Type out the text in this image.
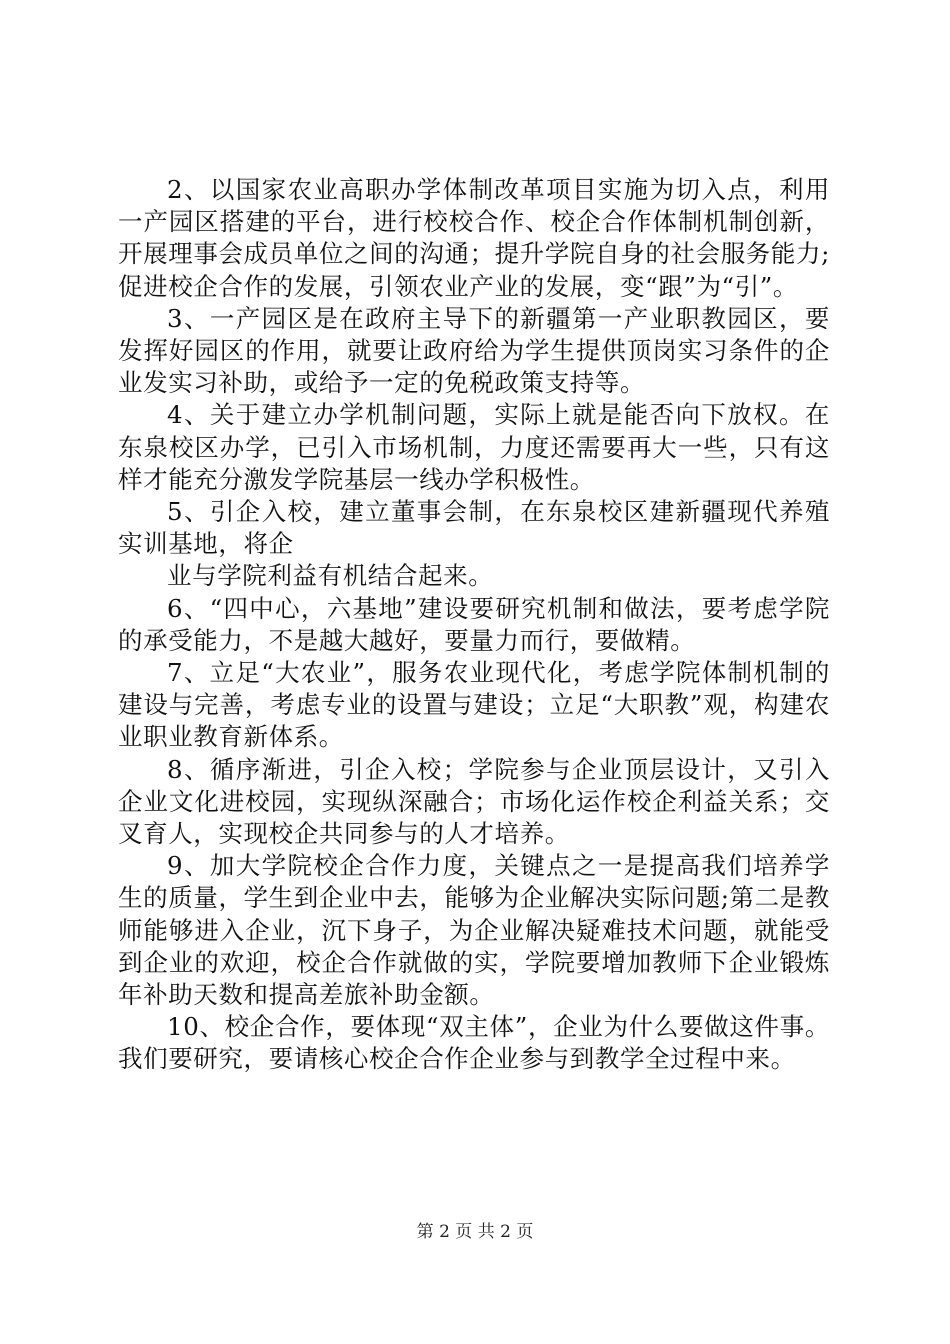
2、以国家农业高职办学体制改革项目实施为切入点，利用一产园区搭建的平台，进行校校合作、校企合作体制机制创新，开展理事会成员单位之间的沟通；提升学院自身的社会服务能力;促进校企合作的发展，引领农业产业的发展，变“跟”为“引”。

3、一产园区是在政府主导下的新疆第一产业职教园区，要发挥好园区的作用，就要让政府给为学生提供顶岗实习条件的企业发实习补助，或给予一定的免税政策支持等。

4、关于建立办学机制问题，实际上就是能否向下放权。在东泉校区办学，已引入市场机制，力度还需要再大一些，只有这样才能充分激发学院基层一线办学积极性。

5、引企入校，建立董事会制，在东泉校区建新疆现代养殖实训基地，将企

业与学院利益有机结合起来。

6、“四中心，六基地”建设要研究机制和做法，要考虑学院的承受能力，不是越大越好，要量力而行，要做精。

7、立足“大农业”，服务农业现代化，考虑学院体制机制的建设与完善，考虑专业的设置与建设；立足“大职教”观，构建农业职业教育新体系。

8、循序渐进，引企入校；学院参与企业顶层设计，又引入企业文化进校园，实现纵深融合；市场化运作校企利益关系；交叉育人，实现校企共同参与的人才培养。

9、加大学院校企合作力度，关键点之一是提高我们培养学生的质量，学生到企业中去，能够为企业解决实际问题;第二是教师能够进入企业，沉下身子，为企业解决疑难技术问题，就能受到企业的欢迎，校企合作就做的实，学院要增加教师下企业锻炼年补助天数和提高差旅补助金额。

10、校企合作，要体现“双主体”，企业为什么要做这件事。我们要研究，要请核心校企合作企业参与到教学全过程中来。

第 2 页 共 2 页
